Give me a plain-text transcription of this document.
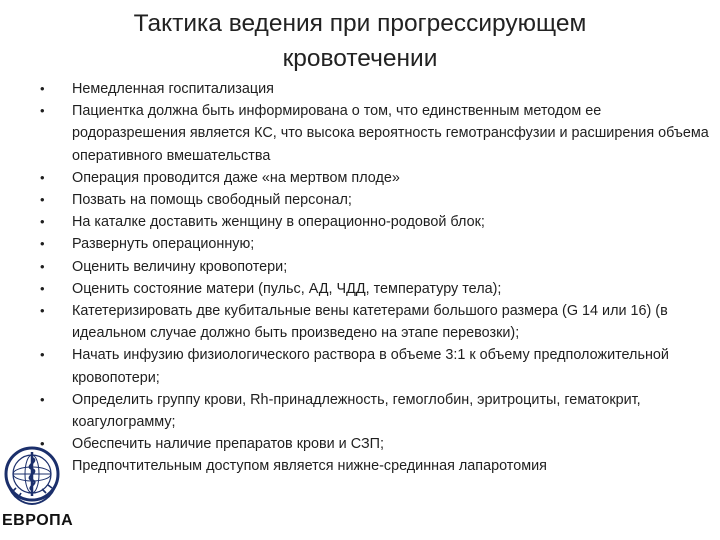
Тактика ведения при прогрессирующем
кровотечении
• Немедленная госпитализация
• Пациентка должна быть информирована о том, что единственным методом ее родоразрешения является КС, что высока вероятность гемотрансфузии и расширения объема оперативного вмешательства
• Операция проводится даже «на мертвом плоде»
• Позвать на помощь свободный персонал;
• На каталке доставить женщину в операционно-родовой блок;
• Развернуть операционную;
• Оценить величину кровопотери;
• Оценить состояние матери (пульс, АД, ЧДД, температуру тела);
• Катетеризировать две кубитальные вены катетерами большого размера (G 14 или 16) (в идеальном случае должно быть произведено на этапе перевозки);
• Начать инфузию физиологического раствора в объеме 3:1 к объему предположительной кровопотери;
• Определить группу крови, Rh-принадлежность, гемоглобин, эритроциты, гематокрит, коагулограмму;
• Обеспечить наличие препаратов крови и СЗП;
Предпочтительным доступом является нижне-срединная лапаротомия
ЕВРОПА
